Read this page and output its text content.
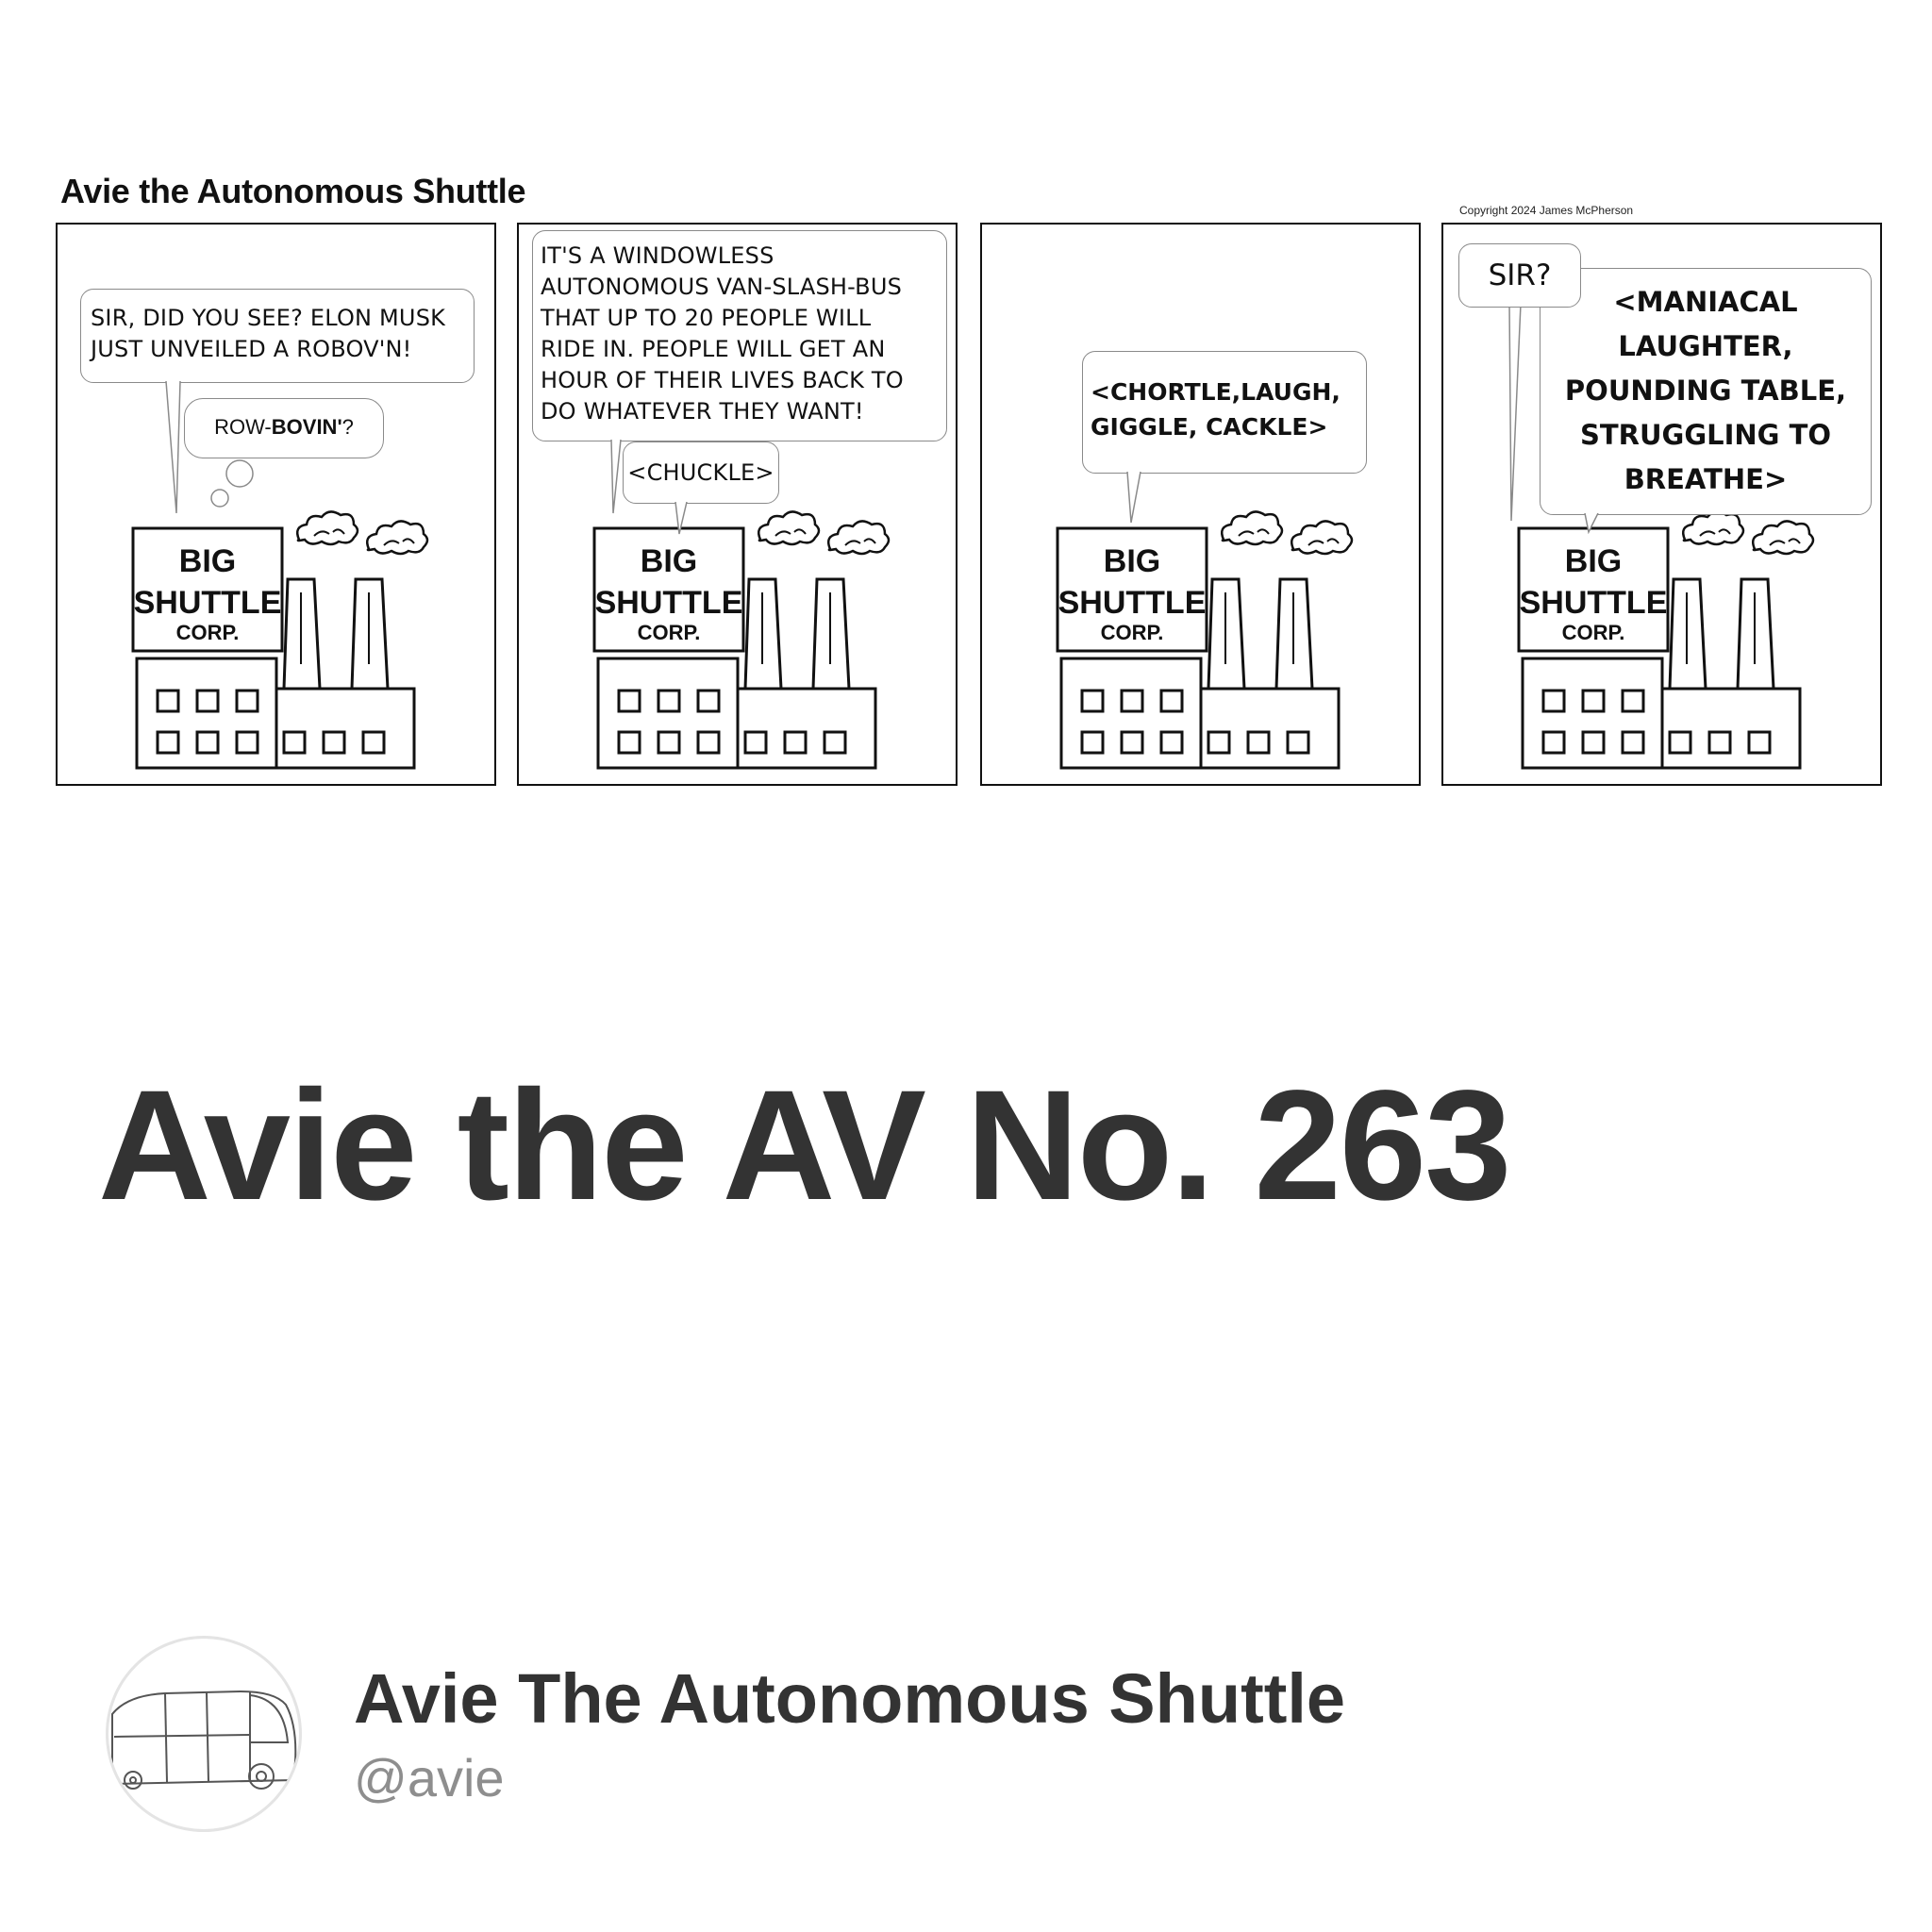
Avie the Autonomous Shuttle	Copyright 2024 James McPherson
BIG
SHUTTLE
CORP.
SIR, DID YOU SEE? ELON MUSK
JUST UNVEILED A ROBOV'N!
ROW-BOVIN'?
BIG
SHUTTLE
CORP.
IT'S A WINDOWLESS
AUTONOMOUS VAN-SLASH-BUS
THAT UP TO 20 PEOPLE WILL
RIDE IN. PEOPLE WILL GET AN
HOUR OF THEIR LIVES BACK TO
DO WHATEVER THEY WANT!
<CHUCKLE>
BIG
SHUTTLE
CORP.
<CHORTLE,LAUGH,
GIGGLE, CACKLE>
BIG
SHUTTLE
CORP.
SIR?
<MANIACAL
LAUGHTER,
POUNDING TABLE,
STRUGGLING TO
BREATHE>
Avie the AV No. 263
Avie The Autonomous Shuttle
@avie
